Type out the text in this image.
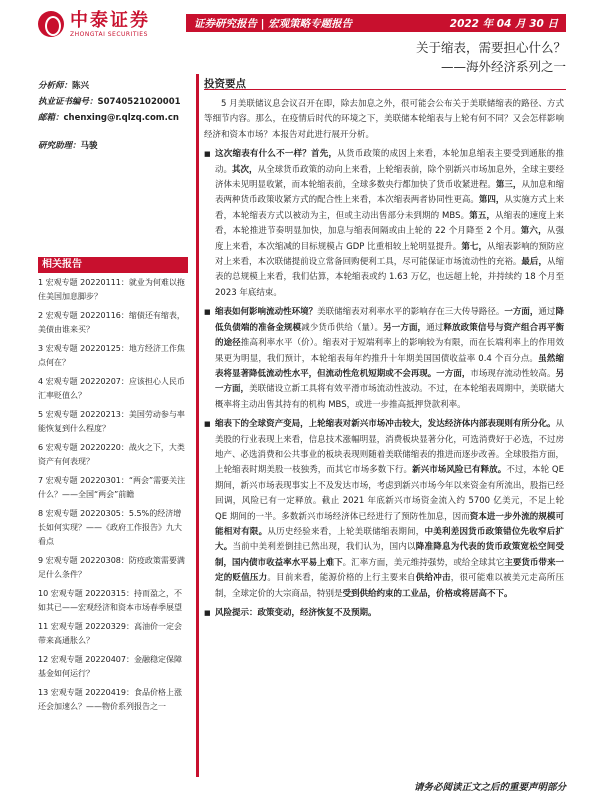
中泰证券
ZHONGTAI SECURITIES
证券研究报告 | 宏观策略专题报告	2022 年 04 月 30 日
关于缩表，需要担心什么？
——海外经济系列之一
分析师：陈兴
执业证书编号：S0740521020001
邮箱：chenxing@r.qlzq.com.cn
研究助理：马骏
相关报告
1 宏观专题 20220111：就业为何难以拖住美国加息脚步？
2 宏观专题 20220116：缩债还有缩表，美债由谁来买？
3 宏观专题 20220125：地方经济工作焦点何在？
4 宏观专题 20220207：应该担心人民币汇率贬值么？
5 宏观专题 20220213：美国劳动参与率能恢复到什么程度？
6 宏观专题 20220220：战火之下，大类资产有何表现？
7 宏观专题 20220301：“两会”需要关注什么？——全国“两会”前瞻
8 宏观专题 20220305：5.5%的经济增长如何实现？——《政府工作报告》九大看点
9 宏观专题 20220308：防疫政策需要满足什么条件？
10 宏观专题 20220315：持而盈之，不如其已——宏观经济和资本市场春季展望
11 宏观专题 20220329：高油价一定会带来高通胀么？
12 宏观专题 20220407：金融稳定保障基金如何运行？
13 宏观专题 20220419：食品价格上涨还会加速么？——物价系列报告之一
投资要点

5 月美联储议息会议召开在即，除去加息之外，很可能会公布关于美联储缩表的路径、方式等细节内容。那么，在疫情后时代的环境之下，美联储本轮缩表与上轮有何不同？又会怎样影响经济和资本市场？本报告对此进行展开分析。

■ 这次缩表有什么不一样？首先，从货币政策的成因上来看，本轮加息缩表主要受到通胀的推动。其次，从全球货币政策的动向上来看，上轮缩表前，除个别新兴市场加息外，全球主要经济体未见明显收紧，而本轮缩表前，全球多数央行都加快了货币收紧进程。第三，从加息和缩表两种货币政策收紧方式的配合性上来看，本次缩表两者协同性更高。第四，从实施方式上来看，本轮缩表方式以被动为主，但或主动出售部分未到期的 MBS。第五，从缩表的速度上来看，本轮推进节奏明显加快，加息与缩表间隔或由上轮的 22 个月降至 2 个月。第六，从强度上来看，本次缩减的目标规模占 GDP 比重相较上轮明显提升。第七，从缩表影响的预防应对上来看，本次联储提前设立常备回购便利工具，尽可能保证市场流动性的充裕。最后，从缩表的总规模上来看，我们估算，本轮缩表或约 1.63 万亿，也远超上轮，并持续约 18 个月至 2023 年底结束。

■ 缩表如何影响流动性环境？美联储缩表对利率水平的影响存在三大传导路径。一方面，通过降低负债端的准备金规模减少货币供给（量）。另一方面，通过释放政策信号与资产组合再平衡的途径推高利率水平（价）。缩表对于短端利率上的影响较为有限，而在长端利率上的作用效果更为明显，我们预计，本轮缩表每年约推升十年期美国国债收益率 0.4 个百分点。虽然缩表将显著降低流动性水平，但流动性危机短期或不会再现。一方面，市场现存流动性较高。另一方面，美联储设立新工具将有效平滑市场流动性波动。不过，在本轮缩表周期中，美联储大概率将主动出售其持有的机构 MBS，或进一步推高抵押贷款利率。

■ 缩表下的全球资产变局，上轮缩表对新兴市场冲击较大，发达经济体内部表现则有所分化。从美股的行业表现上来看，信息技术涨幅明显，消费板块显著分化，可选消费好于必选，不过房地产、必选消费和公共事业的板块表现则随着美联储缩表的推进而逐步改善。全球股指方面，上轮缩表时期美股一枝独秀，而其它市场多数下行。新兴市场风险已有释放。不过，本轮 QE 期间，新兴市场表现事实上不及发达市场，考虑到新兴市场今年以来资金有所流出，股指已经回调，风险已有一定释放。截止 2021 年底新兴市场资金流入约 5700 亿美元，不足上轮 QE 期间的一半。多数新兴市场经济体已经进行了预防性加息，因而资本进一步外流的规模可能相对有限。从历史经验来看，上轮美联储缩表期间，中美利差因货币政策错位先收窄后扩大。当前中美利差倒挂已然出现，我们认为，国内以降准降息为代表的货币政策宽松空间受制，国内债市收益率水平易上难下。汇率方面，美元维持强势，或给全球其它主要货币带来一定的贬值压力。目前来看，能源价格的上行主要来自供给冲击，很可能难以被美元走高所压制，全球定价的大宗商品，特别是受到供给约束的工业品，价格或将居高不下。

■ 风险提示：政策变动，经济恢复不及预期。

请务必阅读正文之后的重要声明部分
